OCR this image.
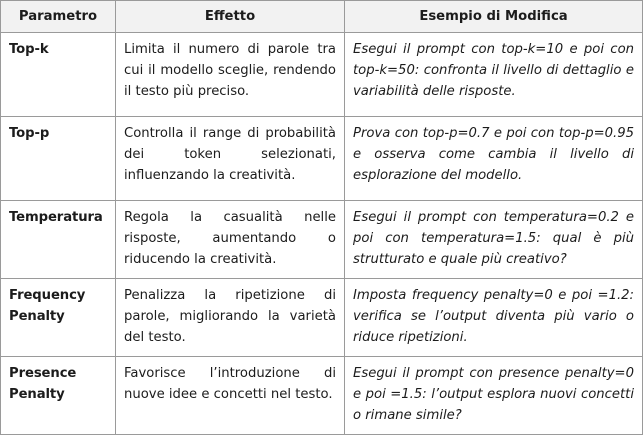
Parametro	Effetto	Esempio di Modifica
Top-k	Limita il numero di parole tra cui il modello sceglie, rendendo il testo più preciso.	Esegui il prompt con top-k=10 e poi con top-k=50: confronta il livello di dettaglio e variabilità delle risposte.
Top-p	Controlla il range di probabilità dei token selezionati, influenzando la creatività.	Prova con top-p=0.7 e poi con top-p=0.95 e osserva come cambia il livello di esplorazione del modello.
Temperatura	Regola la casualità nelle risposte, aumentando o riducendo la creatività.	Esegui il prompt con temperatura=0.2 e poi con temperatura=1.5: qual è più strutturato e quale più creativo?
Frequency Penalty	Penalizza la ripetizione di parole, migliorando la varietà del testo.	Imposta frequency penalty=0 e poi =1.2: verifica se l’output diventa più vario o riduce ripetizioni.
Presence Penalty	Favorisce l’introduzione di nuove idee e concetti nel testo.	Esegui il prompt con presence penalty=0 e poi =1.5: l’output esplora nuovi concetti o rimane simile?
